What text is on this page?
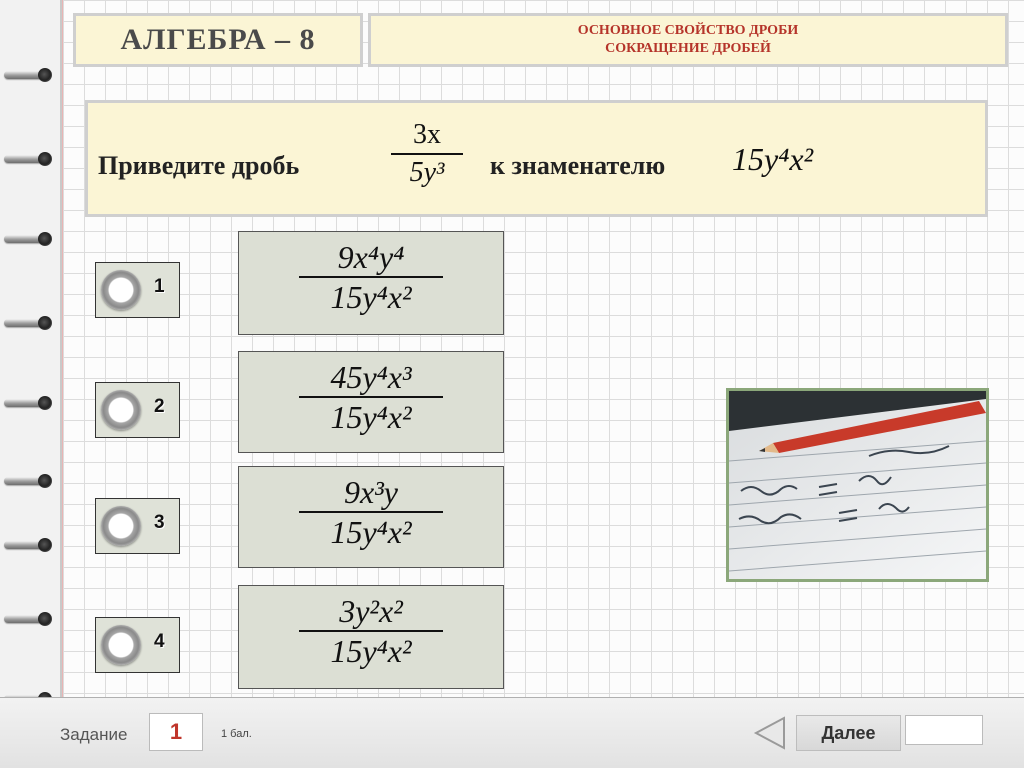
АЛГЕБРА – 8	ОСНОВНОЕ СВОЙСТВО ДРОБИ
СОКРАЩЕНИЕ ДРОБЕЙ
Приведите дробь
3x
5y³ к знаменателю 15y⁴x²
1
9x⁴y⁴
15y⁴x²
2
45y⁴x³
15y⁴x²
3
9x³y
15y⁴x²
4
3y²x²
15y⁴x²
Задание	1	1 бал.	Далее
